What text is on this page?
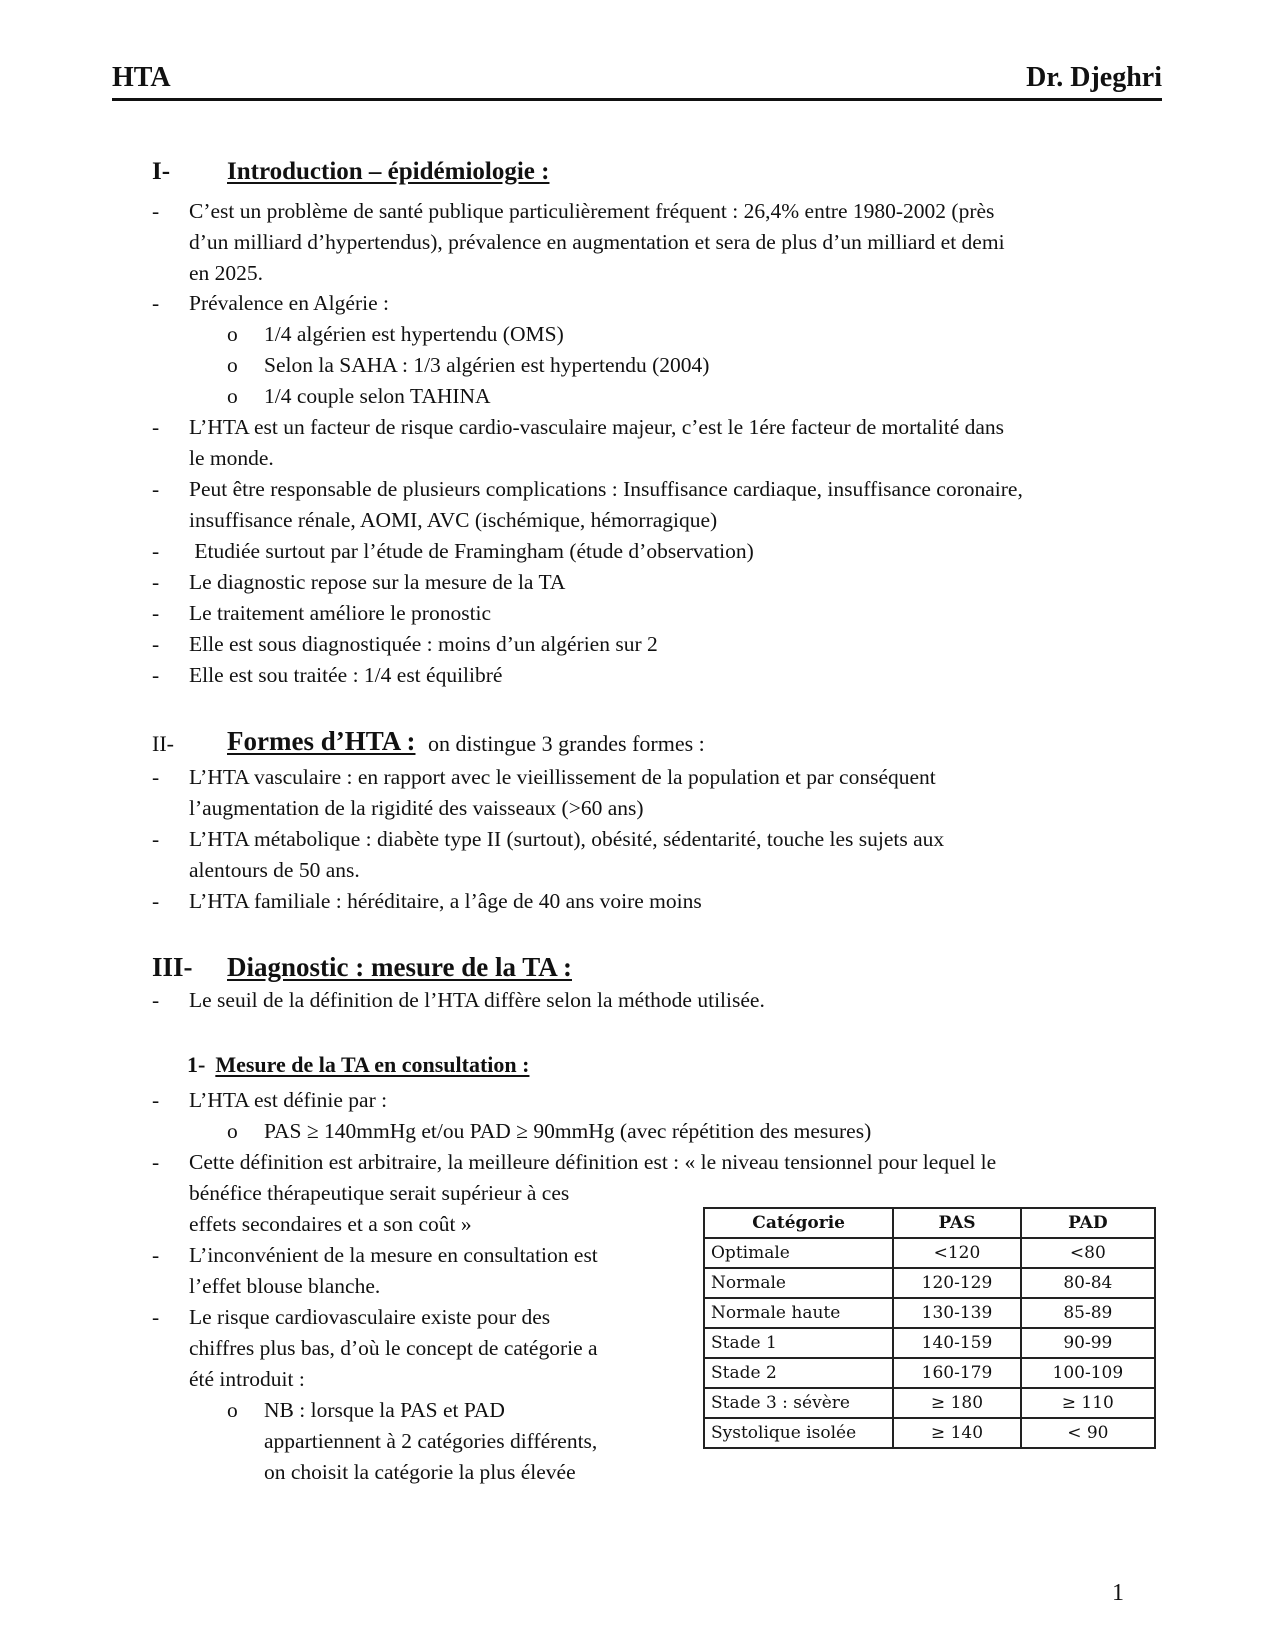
HTA	Dr. Djeghri
I- Introduction – épidémiologie :
- C’est un problème de santé publique particulièrement fréquent : 26,4% entre 1980-2002 (près
d’un milliard d’hypertendus), prévalence en augmentation et sera de plus d’un milliard et demi
en 2025.
- Prévalence en Algérie :
o 1/4 algérien est hypertendu (OMS)
o Selon la SAHA : 1/3 algérien est hypertendu (2004)
o 1/4 couple selon TAHINA
- L’HTA est un facteur de risque cardio-vasculaire majeur, c’est le 1ére facteur de mortalité dans
le monde.
- Peut être responsable de plusieurs complications : Insuffisance cardiaque, insuffisance coronaire,
insuffisance rénale, AOMI, AVC (ischémique, hémorragique)
- Etudiée surtout par l’étude de Framingham (étude d’observation)
- Le diagnostic repose sur la mesure de la TA
- Le traitement améliore le pronostic
- Elle est sous diagnostiquée : moins d’un algérien sur 2
- Elle est sou traitée : 1/4 est équilibré
II- Formes d’HTA : on distingue 3 grandes formes :
- L’HTA vasculaire : en rapport avec le vieillissement de la population et par conséquent
l’augmentation de la rigidité des vaisseaux (>60 ans)
- L’HTA métabolique : diabète type II (surtout), obésité, sédentarité, touche les sujets aux
alentours de 50 ans.
- L’HTA familiale : héréditaire, a l’âge de 40 ans voire moins
III- Diagnostic : mesure de la TA :
- Le seuil de la définition de l’HTA diffère selon la méthode utilisée.
1- Mesure de la TA en consultation :
- L’HTA est définie par :
o PAS ≥ 140mmHg et/ou PAD ≥ 90mmHg (avec répétition des mesures)
- Cette définition est arbitraire, la meilleure définition est : « le niveau tensionnel pour lequel le
bénéfice thérapeutique serait supérieur à ces
effets secondaires et a son coût »
- L’inconvénient de la mesure en consultation est
l’effet blouse blanche.
- Le risque cardiovasculaire existe pour des
chiffres plus bas, d’où le concept de catégorie a
été introduit :
o NB : lorsque la PAS et PAD
appartiennent à 2 catégories différents,
on choisit la catégorie la plus élevée
Catégorie	PAS	PAD
Optimale	<120	<80
Normale	120-129	80-84
Normale haute	130-139	85-89
Stade 1	140-159	90-99
Stade 2	160-179	100-109
Stade 3 : sévère	≥ 180	≥ 110
Systolique isolée	≥ 140	< 90
1
